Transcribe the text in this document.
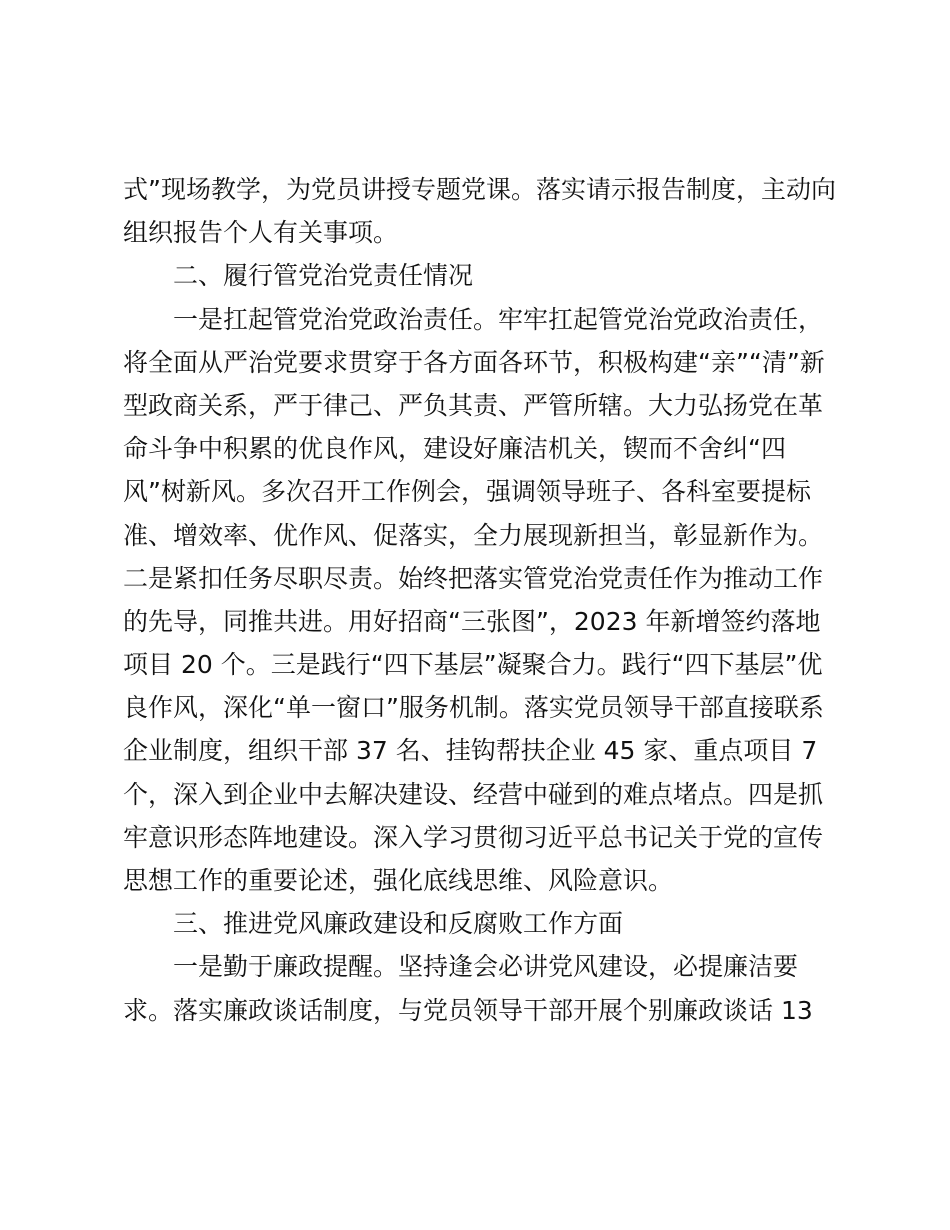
式”现场教学，为党员讲授专题党课。落实请示报告制度，主动向
组织报告个人有关事项。
二、履行管党治党责任情况
一是扛起管党治党政治责任。牢牢扛起管党治党政治责任，
将全面从严治党要求贯穿于各方面各环节，积极构建“亲”“清”新
型政商关系，严于律己、严负其责、严管所辖。大力弘扬党在革
命斗争中积累的优良作风，建设好廉洁机关，锲而不舍纠“四
风”树新风。多次召开工作例会，强调领导班子、各科室要提标
准、增效率、优作风、促落实，全力展现新担当，彰显新作为。
二是紧扣任务尽职尽责。始终把落实管党治党责任作为推动工作
的先导，同推共进。用好招商“三张图”，2023 年新增签约落地
项目 20 个。三是践行“四下基层”凝聚合力。践行“四下基层”优
良作风，深化“单一窗口”服务机制。落实党员领导干部直接联系
企业制度，组织干部 37 名、挂钩帮扶企业 45 家、重点项目 7
个，深入到企业中去解决建设、经营中碰到的难点堵点。四是抓
牢意识形态阵地建设。深入学习贯彻习近平总书记关于党的宣传
思想工作的重要论述，强化底线思维、风险意识。
三、推进党风廉政建设和反腐败工作方面
一是勤于廉政提醒。坚持逢会必讲党风建设，必提廉洁要
求。落实廉政谈话制度，与党员领导干部开展个别廉政谈话 13
